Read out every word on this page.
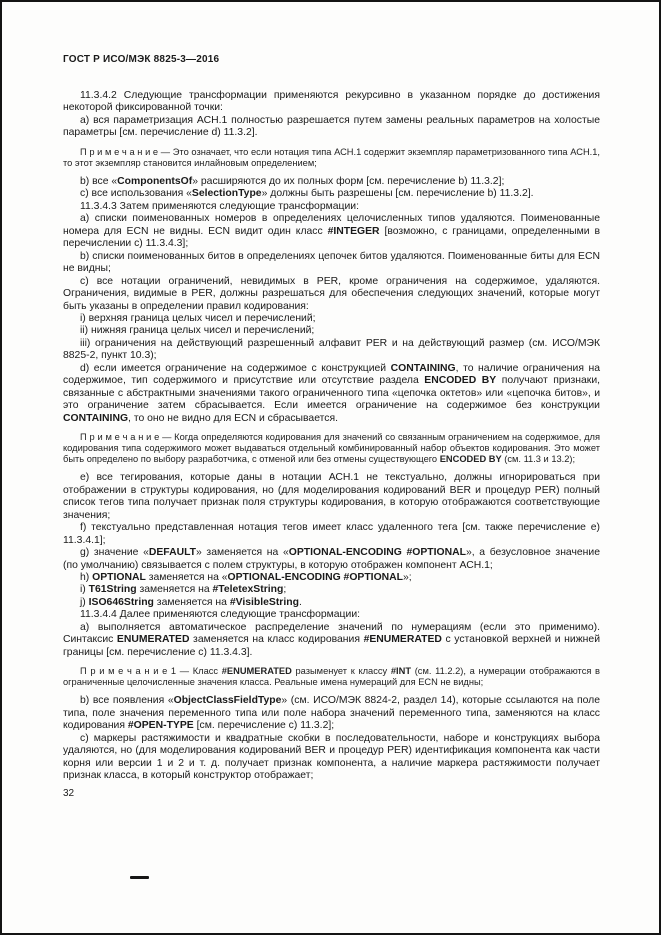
ГОСТ Р ИСО/МЭК 8825-3—2016

11.3.4.2 Следующие трансформации применяются рекурсивно в указанном порядке до достижения некоторой фиксированной точки:

a) вся параметризация АСН.1 полностью разрешается путем замены реальных параметров на холостые параметры [см. перечисление d) 11.3.2].

П р и м е ч а н и е — Это означает, что если нотация типа АСН.1 содержит экземпляр параметризованного типа АСН.1, то этот экземпляр становится инлайновым определением;

b) все «ComponentsOf» расширяются до их полных форм [см. перечисление b) 11.3.2];

c) все использования «SelectionType» должны быть разрешены [см. перечисление b) 11.3.2].

11.3.4.3 Затем применяются следующие трансформации:

a) списки поименованных номеров в определениях целочисленных типов удаляются. Поименованные номера для ECN не видны. ECN видит один класс #INTEGER [возможно, с границами, определенными в перечислении c) 11.3.4.3];

b) списки поименованных битов в определениях цепочек битов удаляются. Поименованные биты для ECN не видны;

c) все нотации ограничений, невидимых в PER, кроме ограничения на содержимое, удаляются. Ограничения, видимые в PER, должны разрешаться для обеспечения следующих значений, которые могут быть указаны в определении правил кодирования:

i) верхняя граница целых чисел и перечислений;

ii) нижняя граница целых чисел и перечислений;

iii) ограничения на действующий разрешенный алфавит PER и на действующий размер (см. ИСО/МЭК 8825-2, пункт 10.3);

d) если имеется ограничение на содержимое с конструкцией CONTAINING, то наличие ограничения на содержимое, тип содержимого и присутствие или отсутствие раздела ENCODED BY получают признаки, связанные с абстрактными значениями такого ограниченного типа «цепочка октетов» или «цепочка битов», и это ограничение затем сбрасывается. Если имеется ограничение на содержимое без конструкции CONTAINING, то оно не видно для ECN и сбрасывается.

П р и м е ч а н и е — Когда определяются кодирования для значений со связанным ограничением на содержимое, для кодирования типа содержимого может выдаваться отдельный комбинированный набор объектов кодирования. Это может быть определено по выбору разработчика, с отменой или без отмены существующего ENCODED BY (см. 11.3 и 13.2);

e) все тегирования, которые даны в нотации АСН.1 не текстуально, должны игнорироваться при отображении в структуры кодирования, но (для моделирования кодирований BER и процедур PER) полный список тегов типа получает признак поля структуры кодирования, в которую отображаются соответствующие значения;

f) текстуально представленная нотация тегов имеет класс удаленного тега [см. также перечисление e) 11.3.4.1];

g) значение «DEFAULT» заменяется на «OPTIONAL-ENCODING #OPTIONAL», а безусловное значение (по умолчанию) связывается с полем структуры, в которую отображен компонент АСН.1;

h) OPTIONAL заменяется на «OPTIONAL-ENCODING #OPTIONAL»;

i) T61String заменяется на #TeletexString;

j) ISO646String заменяется на #VisibleString.

11.3.4.4 Далее применяются следующие трансформации:

a) выполняется автоматическое распределение значений по нумерациям (если это применимо). Синтаксис ENUMERATED заменяется на класс кодирования #ENUMERATED с установкой верхней и нижней границы [см. перечисление c) 11.3.4.3].

П р и м е ч а н и е 1 — Класс #ENUMERATED разыменует к классу #INT (см. 11.2.2), а нумерации отображаются в ограниченные целочисленные значения класса. Реальные имена нумераций для ECN не видны;

b) все появления «ObjectClassFieldType» (см. ИСО/МЭК 8824-2, раздел 14), которые ссылаются на поле типа, поле значения переменного типа или поле набора значений переменного типа, заменяются на класс кодирования #OPEN-TYPE [см. перечисление c) 11.3.2];

c) маркеры растяжимости и квадратные скобки в последовательности, наборе и конструкциях выбора удаляются, но (для моделирования кодирований BER и процедур PER) идентификация компонента как части корня или версии 1 и 2 и т. д. получает признак компонента, а наличие маркера растяжимости получает признак класса, в который конструктор отображает;

32
